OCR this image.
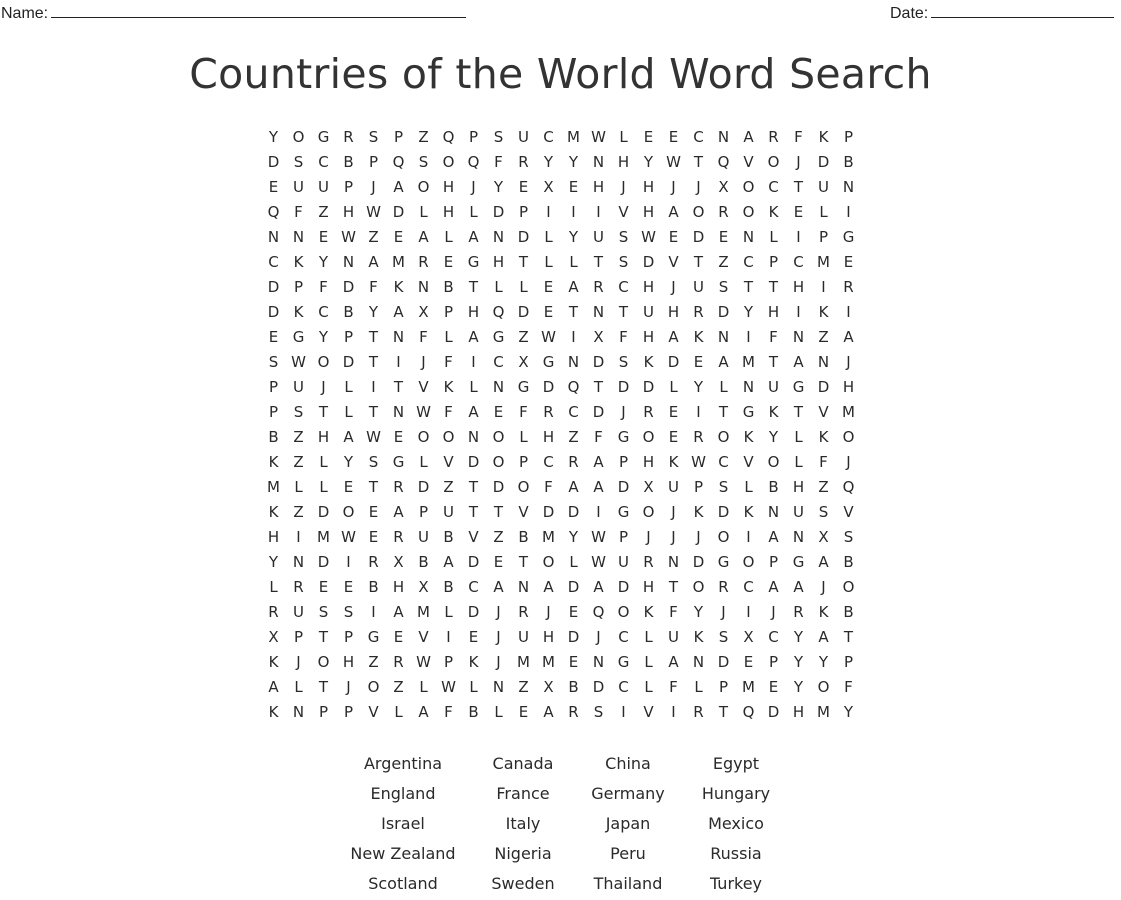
Name:	Date:
Countries of the World Word Search
Y O G R	S	P	Z Q P	S U C M W L	E	E	C N A R	F	K	P
D S C B	P Q S O Q F	R	Y	Y N H Y W T Q V O	J	D B
E U U P	J	A O H	J	Y	E	X	E H	J	H	J	J	X O C	T U N
Q F	Z H W D	L	H	L	D P	I	I	I	V H A O R O K	E	L	I
N N E W Z	E	A	L	A N D	L	Y U S W E D E N	L	I	P G
C K	Y N A M R	E G H T	L	L	T	S D V	T	Z C	P	C M E
D P	F D F	K N B	T	L	L	E	A R C H	J	U S	T	T H	I	R
D K C B	Y	A X	P H Q D E	T N T U H R D Y H	I	K	I
E G Y	P	T N	F	L	A G Z W	I	X	F	H A K N	I	F	N Z A
S W O D T	I	J	F	I	C X G N D S	K D E	A M T	A N	J
P U	J	L	I	T	V K	L	N G D Q T D D	L	Y	L	N U G D H
P	S	T	L	T N W F	A	E	F	R C D	J	R	E	I	T G K	T	V M
B Z H A W E O O N O L	H Z	F G O E	R O K	Y	L	K O
K Z	L	Y	S G	L	V D O P	C R A	P H K W C V O L	F	J
M L	L	E	T	R D Z	T D O F	A A D X U P	S	L	B H Z Q
K Z D O E	A	P U T	T	V D D	I	G O	J	K D K N U S	V
H	I	M W E	R U B V Z B M Y W P	J	J	J	O	I	A N X	S
Y N D	I	R X B A D E	T O L W U R N D G O P G A B
L	R	E	E	B H X B C A N A D A D H T O R C A A	J	O
R U S	S	I	A M L	D	J	R	J	E Q O K	F	Y	J	I	J	R K B
X	P	T	P G E	V	I	E	J	U H D	J	C	L	U K	S	X C	Y	A	T
K	J	O H Z R W P	K	J	M M E N G	L	A N D E	P	Y	Y	P
A	L	T	J	O Z	L W L	N Z X B D C	L	F	L	P M E	Y O F
K N P	P	V	L	A	F	B	L	E	A R	S	I	V	I	R	T Q D H M Y
Argentina	Canada	China	Egypt
England	France	Germany	Hungary
Israel	Italy	Japan	Mexico
New Zealand	Nigeria	Peru	Russia
Scotland	Sweden	Thailand	Turkey
